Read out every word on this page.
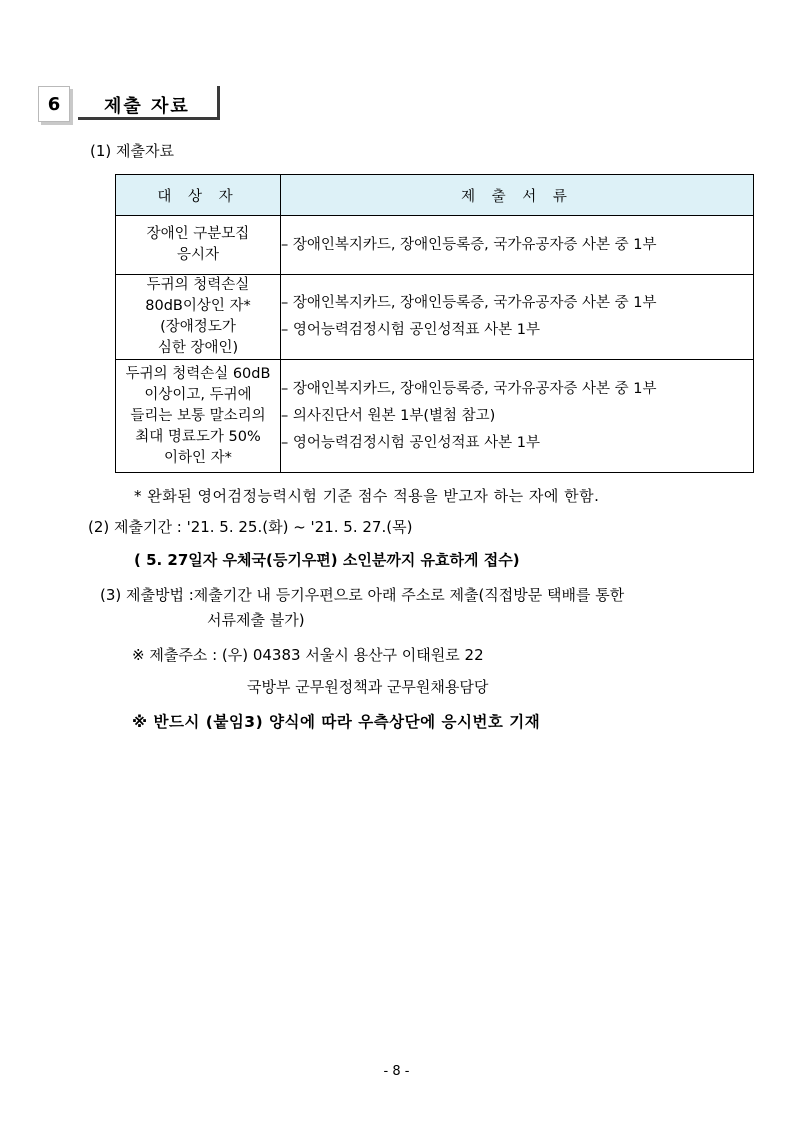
6	제출 자료
(1) 제출자료
대 상 자	제 출 서 류

장애인 구분모집
응시자	– 장애인복지카드, 장애인등록증, 국가유공자증 사본 중 1부

두귀의 청력손실
80dB이상인 자*
(장애정도가
심한 장애인)	– 장애인복지카드, 장애인등록증, 국가유공자증 사본 중 1부
– 영어능력검정시험 공인성적표 사본 1부

두귀의 청력손실 60dB
이상이고, 두귀에
들리는 보통 말소리의
최대 명료도가 50%
이하인 자*	– 장애인복지카드, 장애인등록증, 국가유공자증 사본 중 1부
– 의사진단서 원본 1부(별첨 참고)
– 영어능력검정시험 공인성적표 사본 1부
* 완화된 영어검정능력시험 기준 점수 적용을 받고자 하는 자에 한함.
(2) 제출기간 : '21. 5. 25.(화) ~ '21. 5. 27.(목)
( 5. 27일자 우체국(등기우편) 소인분까지 유효하게 접수)
(3) 제출방법 :제출기간 내 등기우편으로 아래 주소로 제출(직접방문 택배를 통한
서류제출 불가)
※ 제출주소 : (우) 04383 서울시 용산구 이태원로 22
국방부 군무원정책과 군무원채용담당
※ 반드시 (붙임3) 양식에 따라 우측상단에 응시번호 기재
- 8 -
